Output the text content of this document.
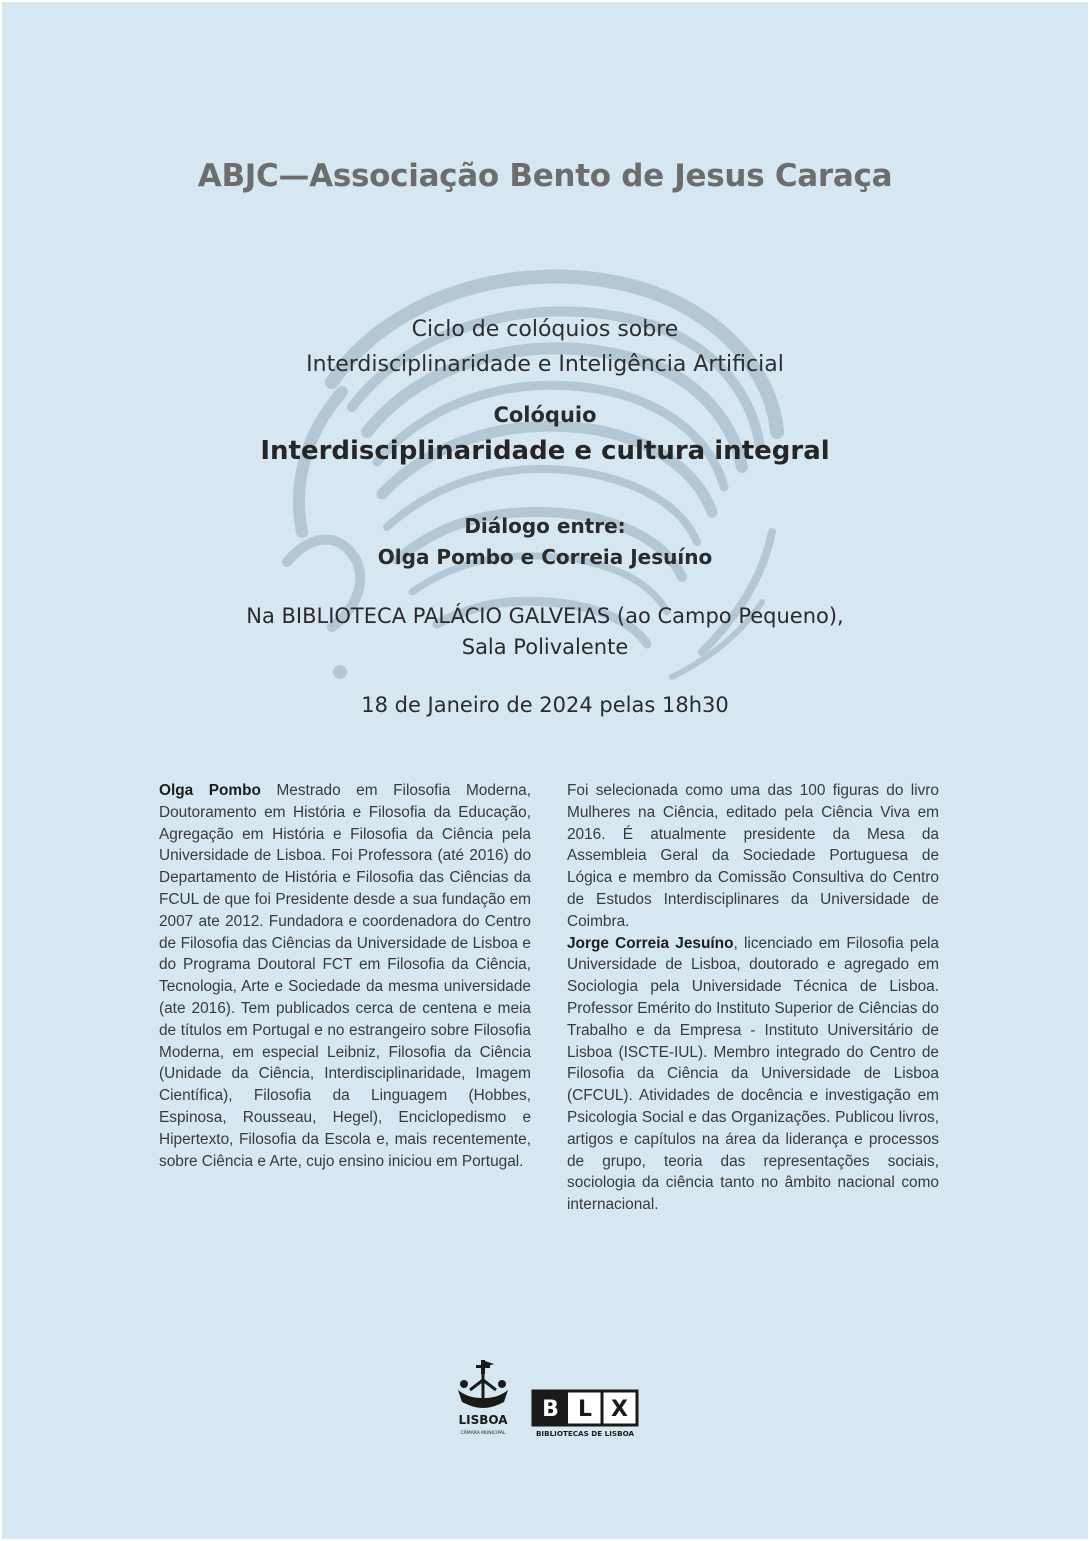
ABJC—Associação Bento de Jesus Caraça
Ciclo de colóquios sobre
Interdisciplinaridade e Inteligência Artificial
Colóquio
Interdisciplinaridade e cultura integral
Diálogo entre:
Olga Pombo e Correia Jesuíno
Na BIBLIOTECA PALÁCIO GALVEIAS (ao Campo Pequeno),
Sala Polivalente
18 de Janeiro de 2024 pelas 18h30

Olga Pombo Mestrado em Filosofia Moderna, Doutoramento em História e Filosofia da Educação, Agregação em História e Filosofia da Ciência pela Universidade de Lisboa. Foi Professora (até 2016) do Departamento de História e Filosofia das Ciências da FCUL de que foi Presidente desde a sua fundação em 2007 ate 2012. Fundadora e coordenadora do Centro de Filosofia das Ciências da Universidade de Lisboa e do Programa Doutoral FCT em Filosofia da Ciência, Tecnologia, Arte e Sociedade da mesma universidade (ate 2016). Tem publicados cerca de centena e meia de títulos em Portugal e no estrangeiro sobre Filosofia Moderna, em especial Leibniz, Filosofia da Ciência (Unidade da Ciência, Interdisciplinaridade, Imagem Científica), Filosofia da Linguagem (Hobbes, Espinosa, Rousseau, Hegel), Enciclopedismo e Hipertexto, Filosofia da Escola e, mais recentemente, sobre Ciência e Arte, cujo ensino iniciou em Portugal.

Foi selecionada como uma das 100 figuras do livro Mulheres na Ciência, editado pela Ciência Viva em 2016. É atualmente presidente da Mesa da Assembleia Geral da Sociedade Portuguesa de Lógica e membro da Comissão Consultiva do Centro de Estudos Interdisciplinares da Universidade de Coimbra.

Jorge Correia Jesuíno, licenciado em Filosofia pela Universidade de Lisboa, doutorado e agregado em Sociologia pela Universidade Técnica de Lisboa. Professor Emérito do Instituto Superior de Ciências do Trabalho e da Empresa - Instituto Universitário de Lisboa (ISCTE-IUL). Membro integrado do Centro de Filosofia da Ciência da Universidade de Lisboa (CFCUL). Atividades de docência e investigação em Psicologia Social e das Organizações. Publicou livros, artigos e capítulos na área da liderança e processos de grupo, teoria das representações sociais, sociologia da ciência tanto no âmbito nacional como internacional.

LISBOA
CÂMARA MUNICIPAL
B L X
BIBLIOTECAS DE LISBOA
